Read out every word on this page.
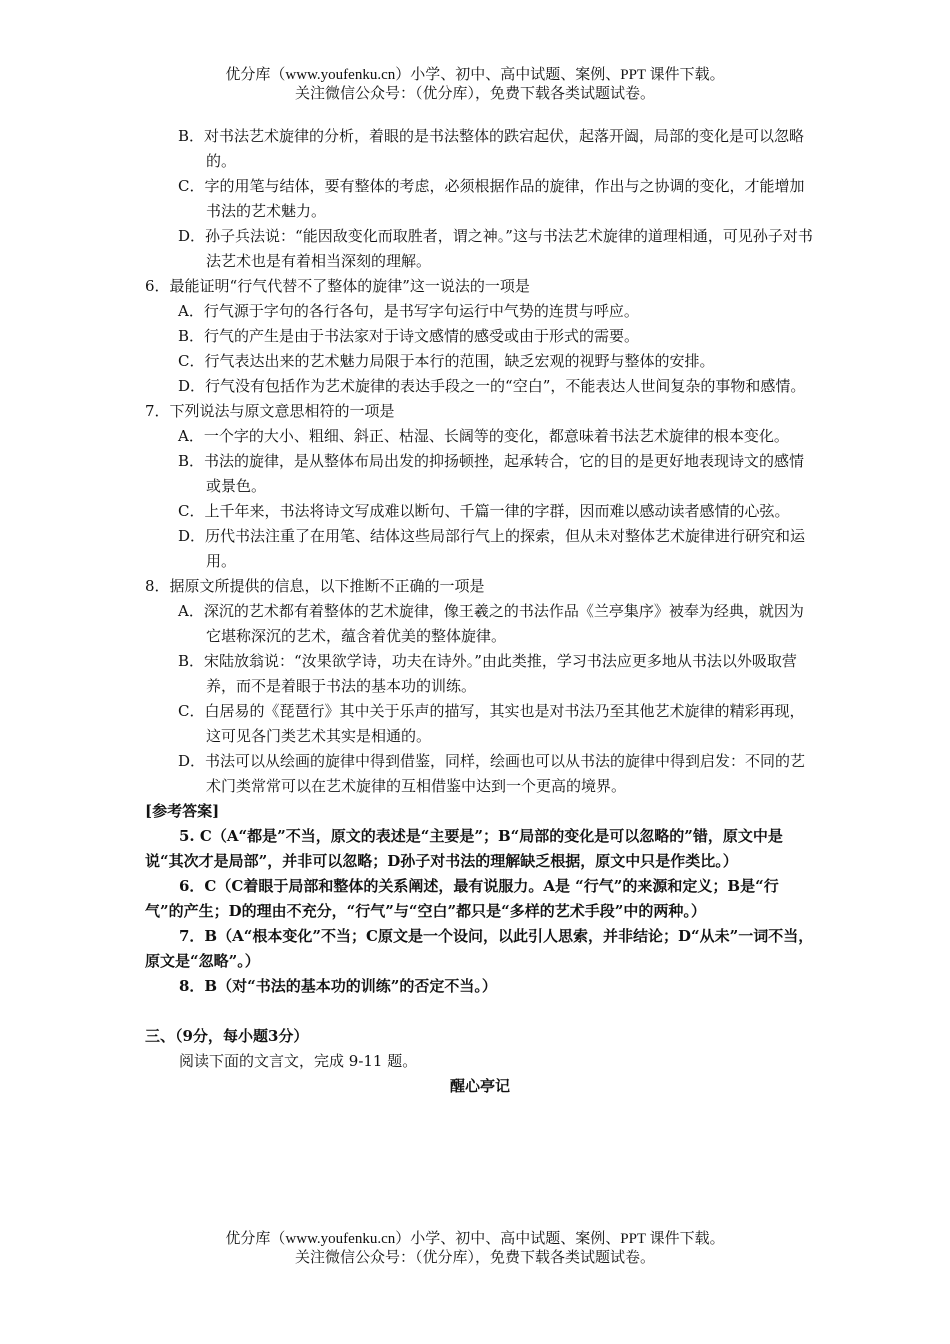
优分库（www.youfenku.cn）小学、初中、高中试题、案例、PPT 课件下载。
关注微信公众号：（优分库），免费下载各类试题试卷。

B．对书法艺术旋律的分析，着眼的是书法整体的跌宕起伏，起落开阖，局部的变化是可以忽略的。

C．字的用笔与结体，要有整体的考虑，必须根据作品的旋律，作出与之协调的变化，才能增加书法的艺术魅力。

D．孙子兵法说：“能因敌变化而取胜者，谓之神。”这与书法艺术旋律的道理相通，可见孙子对书法艺术也是有着相当深刻的理解。

6．最能证明“行气代替不了整体的旋律”这一说法的一项是

A．行气源于字句的各行各句，是书写字句运行中气势的连贯与呼应。

B．行气的产生是由于书法家对于诗文感情的感受或由于形式的需要。

C．行气表达出来的艺术魅力局限于本行的范围，缺乏宏观的视野与整体的安排。

D．行气没有包括作为艺术旋律的表达手段之一的“空白”，不能表达人世间复杂的事物和感情。

7．下列说法与原文意思相符的一项是

A．一个字的大小、粗细、斜正、枯湿、长阔等的变化，都意味着书法艺术旋律的根本变化。

B．书法的旋律，是从整体布局出发的抑扬顿挫，起承转合，它的目的是更好地表现诗文的感情或景色。

C．上千年来，书法将诗文写成难以断句、千篇一律的字群，因而难以感动读者感情的心弦。

D．历代书法注重了在用笔、结体这些局部行气上的探索，但从未对整体艺术旋律进行研究和运用。

8．据原文所提供的信息，以下推断不正确的一项是

A．深沉的艺术都有着整体的艺术旋律，像王羲之的书法作品《兰亭集序》被奉为经典，就因为它堪称深沉的艺术，蕴含着优美的整体旋律。

B．宋陆放翁说：“汝果欲学诗，功夫在诗外。”由此类推，学习书法应更多地从书法以外吸取营养，而不是着眼于书法的基本功的训练。

C．白居易的《琵琶行》其中关于乐声的描写，其实也是对书法乃至其他艺术旋律的精彩再现，这可见各门类艺术其实是相通的。

D．书法可以从绘画的旋律中得到借鉴，同样，绘画也可以从书法的旋律中得到启发：不同的艺术门类常常可以在艺术旋律的互相借鉴中达到一个更高的境界。

[参考答案]

5. C（A“都是”不当，原文的表述是“主要是”；B“局部的变化是可以忽略的”错，原文中是说“其次才是局部”，并非可以忽略；D孙子对书法的理解缺乏根据，原文中只是作类比。）

6．C（C着眼于局部和整体的关系阐述，最有说服力。A是 “行气”的来源和定义；B是“行气”的产生；D的理由不充分，“行气”与“空白”都只是“多样的艺术手段”中的两种。）

7．B（A“根本变化”不当；C原文是一个设问，以此引人思索，并非结论；D“从未”一词不当，原文是“忽略”。）

8．B（对“书法的基本功的训练”的否定不当。）

三、（9分，每小题3分）

阅读下面的文言文，完成 9-11 题。

醒心亭记

优分库（www.youfenku.cn）小学、初中、高中试题、案例、PPT 课件下载。
关注微信公众号：（优分库），免费下载各类试题试卷。
